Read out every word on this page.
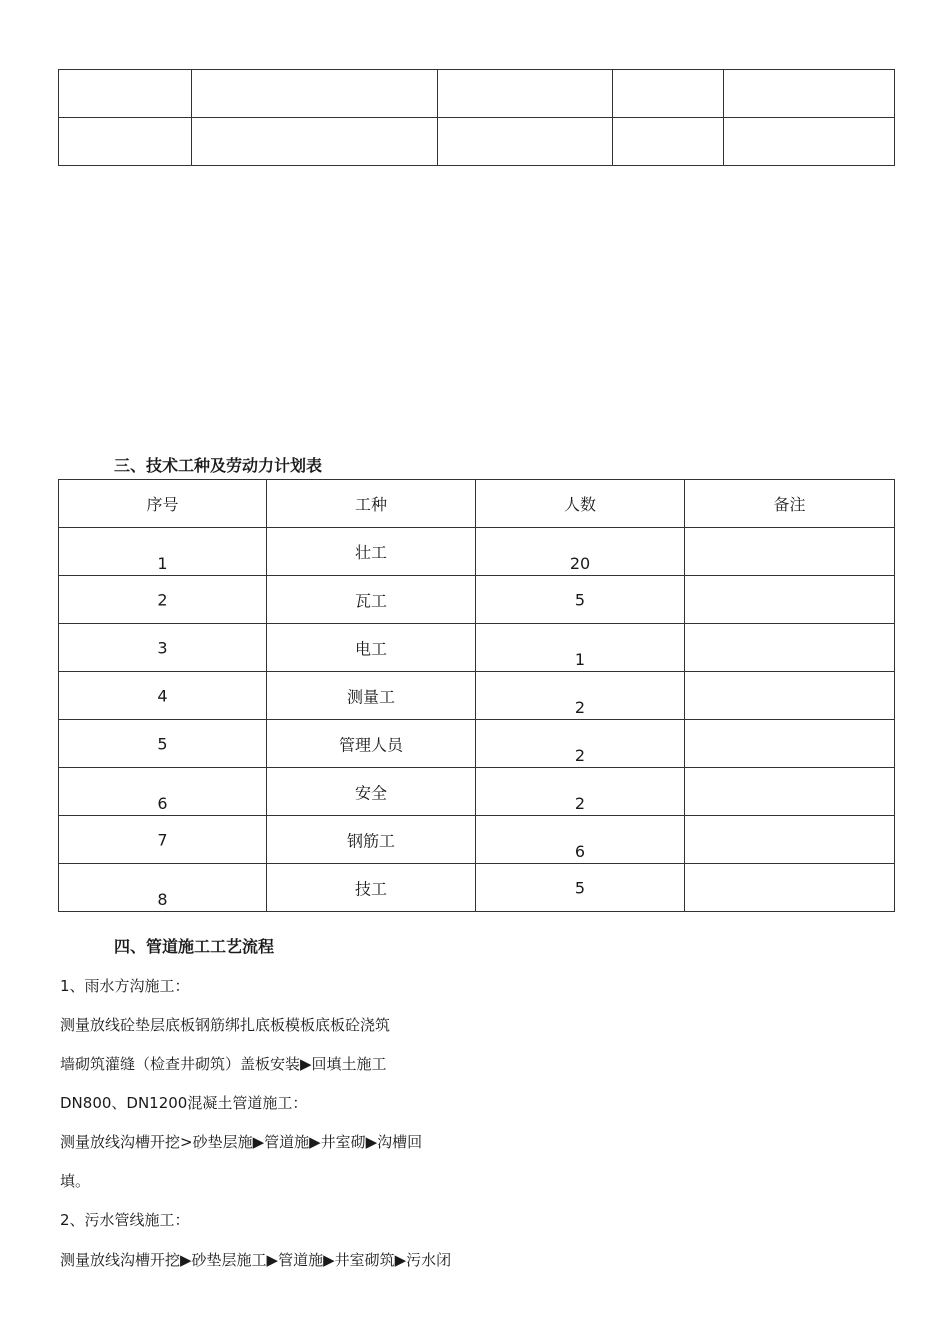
三、技术工种及劳动力计划表
序号	工种	人数	备注

1	壮工	20	

2	瓦工	5	

3	电工	1	

4	测量工	2	

5	管理人员	2	

6	安全	2	

7	钢筋工	6	

8	技工	5	

四、管道施工工艺流程

1、雨水方沟施工：

测量放线砼垫层底板钢筋绑扎底板模板底板砼浇筑

墙砌筑灌缝（检查井砌筑）盖板安装▶回填土施工

DN800、DN1200混凝土管道施工：

测量放线沟槽开挖>砂垫层施▶管道施▶井室砌▶沟槽回

填。

2、污水管线施工：

测量放线沟槽开挖▶砂垫层施工▶管道施▶井室砌筑▶污水闭
